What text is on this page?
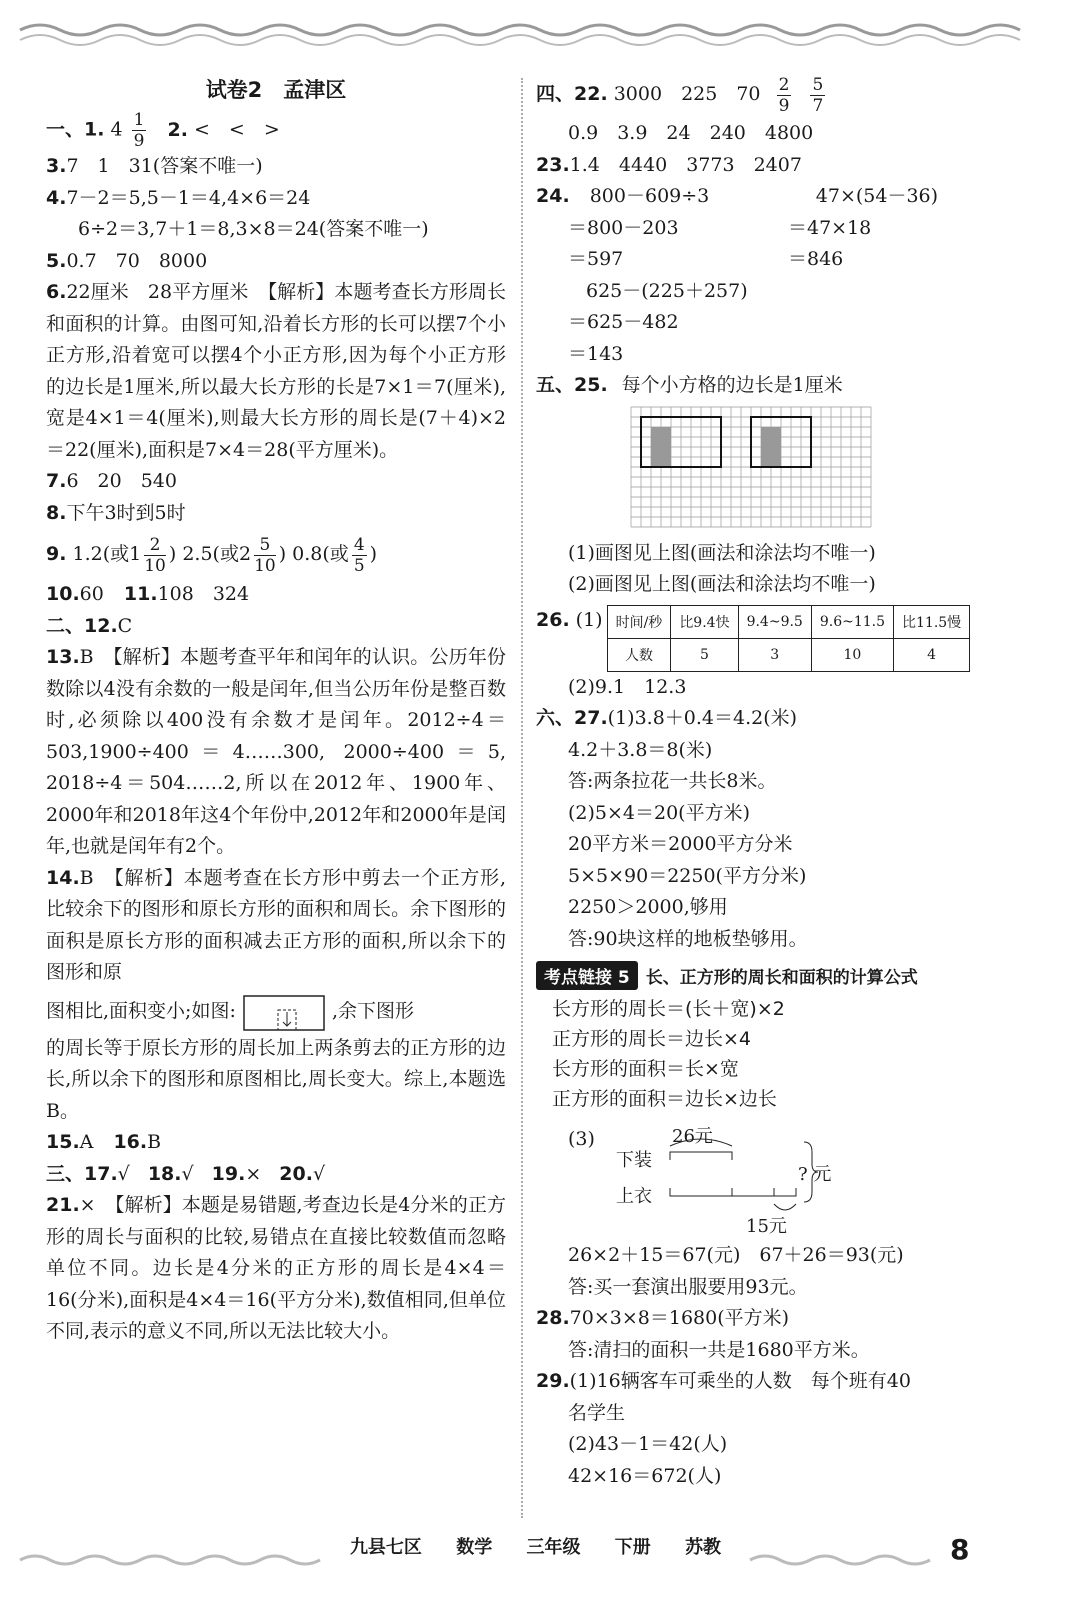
试卷2　孟津区
一、1. $4 \frac{1}{9} 2$. <　<　>
3.7　1　31(答案不唯一)
4.7－2＝5,5－1＝4,4×6＝24
6÷2＝3,7＋1＝8,3×8＝24(答案不唯一)
5.0.7　70　8000
6.22厘米　28平方厘米　【解析】本题考查长方形周长和面积的计算。由图可知,沿着长方形的长可以摆7个小正方形,沿着宽可以摆4个小正方形,因为每个小正方形的边长是1厘米,所以最大长方形的长是7×1＝7(厘米),宽是4×1＝4(厘米),则最大长方形的周长是(7＋4)×2＝22(厘米),面积是7×4＝28(平方厘米)。
7.6　20　540
8.下午3时到5时
9. 1.2(或$1 \frac{2}{10}$ ) 2.5(或$2 \frac{5}{10}$ ) 0.8(或 $\frac{4}{5}$ )
10.60 11.108　324
二、12.C
13.B　【解析】本题考查平年和闰年的认识。公历年份数除以4没有余数的一般是闰年,但当公历年份是整百数时,必须除以400没有余数才是闰年。2012÷4＝503,1900÷400＝4……300, 2000÷400＝5, 2018÷4＝504……2,所以在2012年、1900年、2000年和2018年这4个年份中,2012年和2000年是闰年,也就是闰年有2个。
14.B　【解析】本题考查在长方形中剪去一个正方形,比较余下的图形和原长方形的面积和周长。余下图形的面积是原长方形的面积减去正方形的面积,所以余下的图形和原
图相比,面积变小;如图:	,余下图形
的周长等于原长方形的周长加上两条剪去的正方形的边长,所以余下的图形和原图相比,周长变大。综上,本题选B。
15.A 16.B
三、17.√ 18.√ 19.× 20.√
21.×　【解析】本题是易错题,考查边长是4分米的正方形的周长与面积的比较,易错点在直接比较数值而忽略单位不同。边长是4分米的正方形的周长是4×4＝16(分米),面积是4×4＝16(平方分米),数值相同,但单位不同,表示的意义不同,所以无法比较大小。
四、22. 3000　225　$70 \frac{2}{9}$
$\frac{5}{7}$
0.9　3.9　24　240　4800
23.1.4　4440　3773　2407
24. 800－609÷3	47×(54－36)
＝800－203	＝47×18
＝597	＝846
625－(225＋257)
＝625－482
＝143
五、25. 每个小方格的边长是1厘米
(1)画图见上图(画法和涂法均不唯一)
(2)画图见上图(画法和涂法均不唯一)
26. (1) 时间/秒	比9.4快	9.4~9.5	9.6~11.5	比11.5慢
人数	5	3	10	4
(2)9.1　12.3
六、27.(1)3.8＋0.4＝4.2(米)
4.2＋3.8＝8(米)
答:两条拉花一共长8米。
(2)5×4＝20(平方米)
20平方米＝2000平方分米
5×5×90＝2250(平方分米)
2250＞2000,够用
答:90块这样的地板垫够用。
考点链接 5 长、正方形的周长和面积的计算公式
长方形的周长＝(长＋宽)×2
正方形的周长＝边长×4
长方形的面积＝长×宽
正方形的面积＝边长×边长
(3)	26元
下装
上衣
? 元
15元
26×2＋15＝67(元)　67＋26＝93(元)
答:买一套演出服要用93元。
28.70×3×8＝1680(平方米)
答:清扫的面积一共是1680平方米。
29.(1)16辆客车可乘坐的人数　每个班有40
名学生
(2)43－1＝42(人)
42×16＝672(人)
九县七区 数学 三年级 下册 苏教	8
